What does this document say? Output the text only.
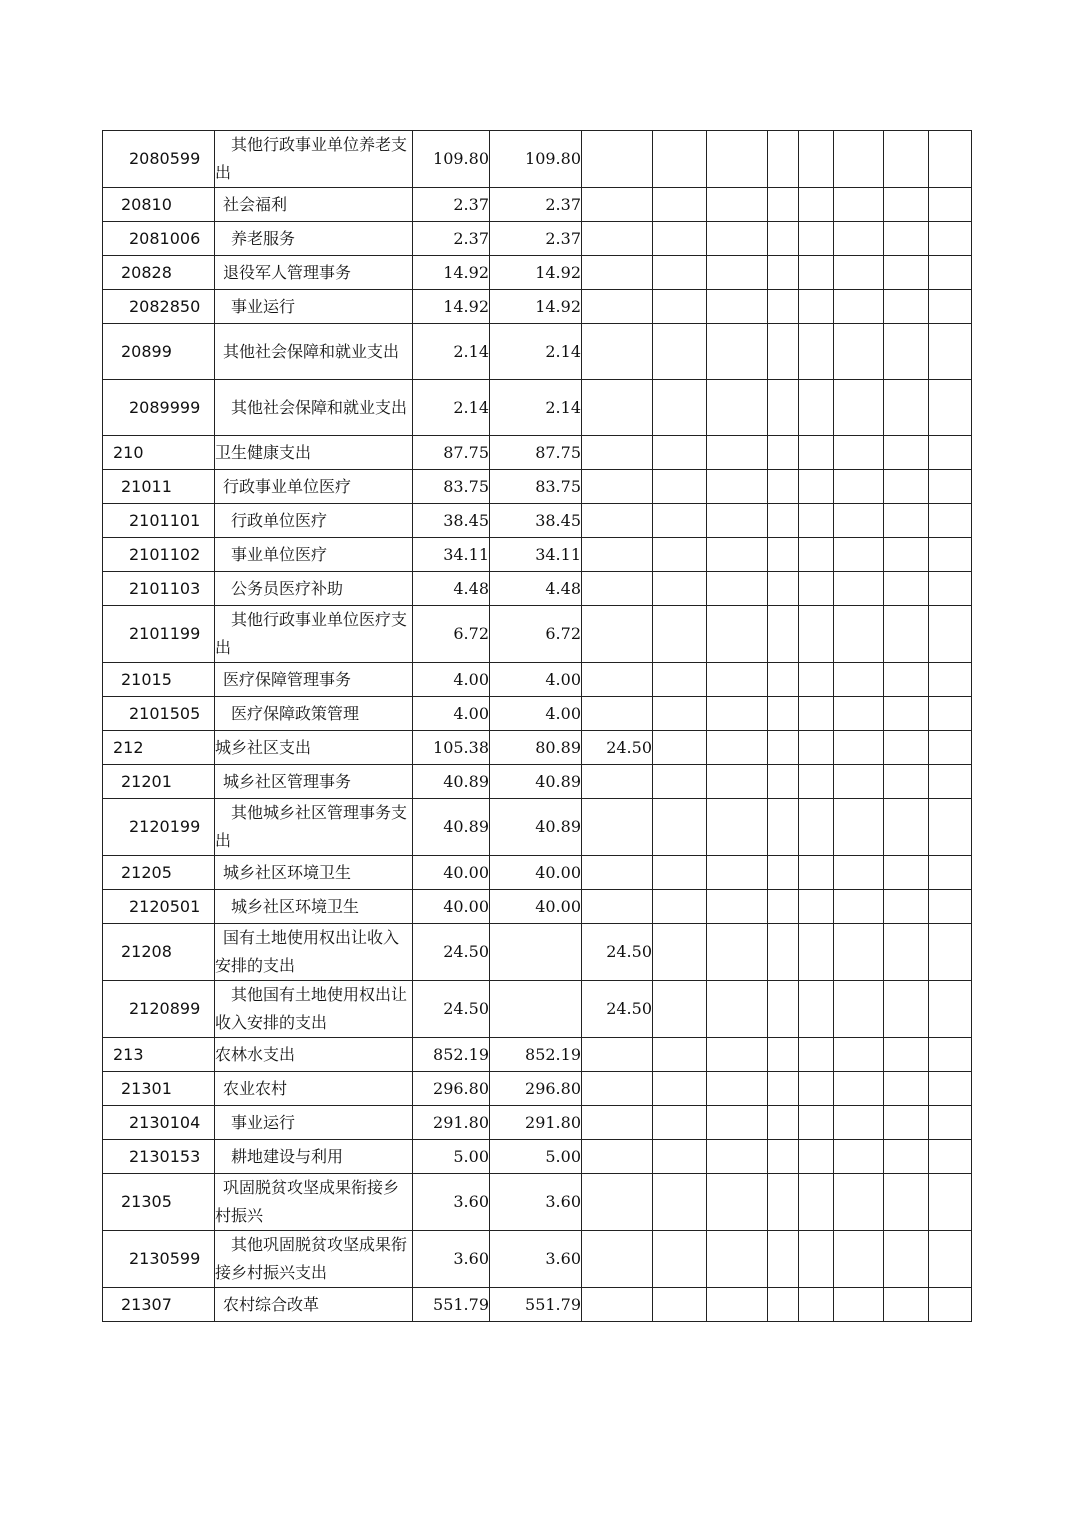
2080599	其他行政事业单位养老支出	109.80	109.80								
20810	社会福利	2.37	2.37								
2081006	养老服务	2.37	2.37								
20828	退役军人管理事务	14.92	14.92								
2082850	事业运行	14.92	14.92								
20899	其他社会保障和就业支出	2.14	2.14								
2089999	其他社会保障和就业支出	2.14	2.14								
210	卫生健康支出	87.75	87.75								
21011	行政事业单位医疗	83.75	83.75								
2101101	行政单位医疗	38.45	38.45								
2101102	事业单位医疗	34.11	34.11								
2101103	公务员医疗补助	4.48	4.48								
2101199	其他行政事业单位医疗支出	6.72	6.72								
21015	医疗保障管理事务	4.00	4.00								
2101505	医疗保障政策管理	4.00	4.00								
212	城乡社区支出	105.38	80.89	24.50							
21201	城乡社区管理事务	40.89	40.89								
2120199	其他城乡社区管理事务支出	40.89	40.89								
21205	城乡社区环境卫生	40.00	40.00								
2120501	城乡社区环境卫生	40.00	40.00								
21208	国有土地使用权出让收入安排的支出	24.50		24.50							
2120899	其他国有土地使用权出让收入安排的支出	24.50		24.50							
213	农林水支出	852.19	852.19								
21301	农业农村	296.80	296.80								
2130104	事业运行	291.80	291.80								
2130153	耕地建设与利用	5.00	5.00								
21305	巩固脱贫攻坚成果衔接乡村振兴	3.60	3.60								
2130599	其他巩固脱贫攻坚成果衔接乡村振兴支出	3.60	3.60								
21307	农村综合改革	551.79	551.79								
